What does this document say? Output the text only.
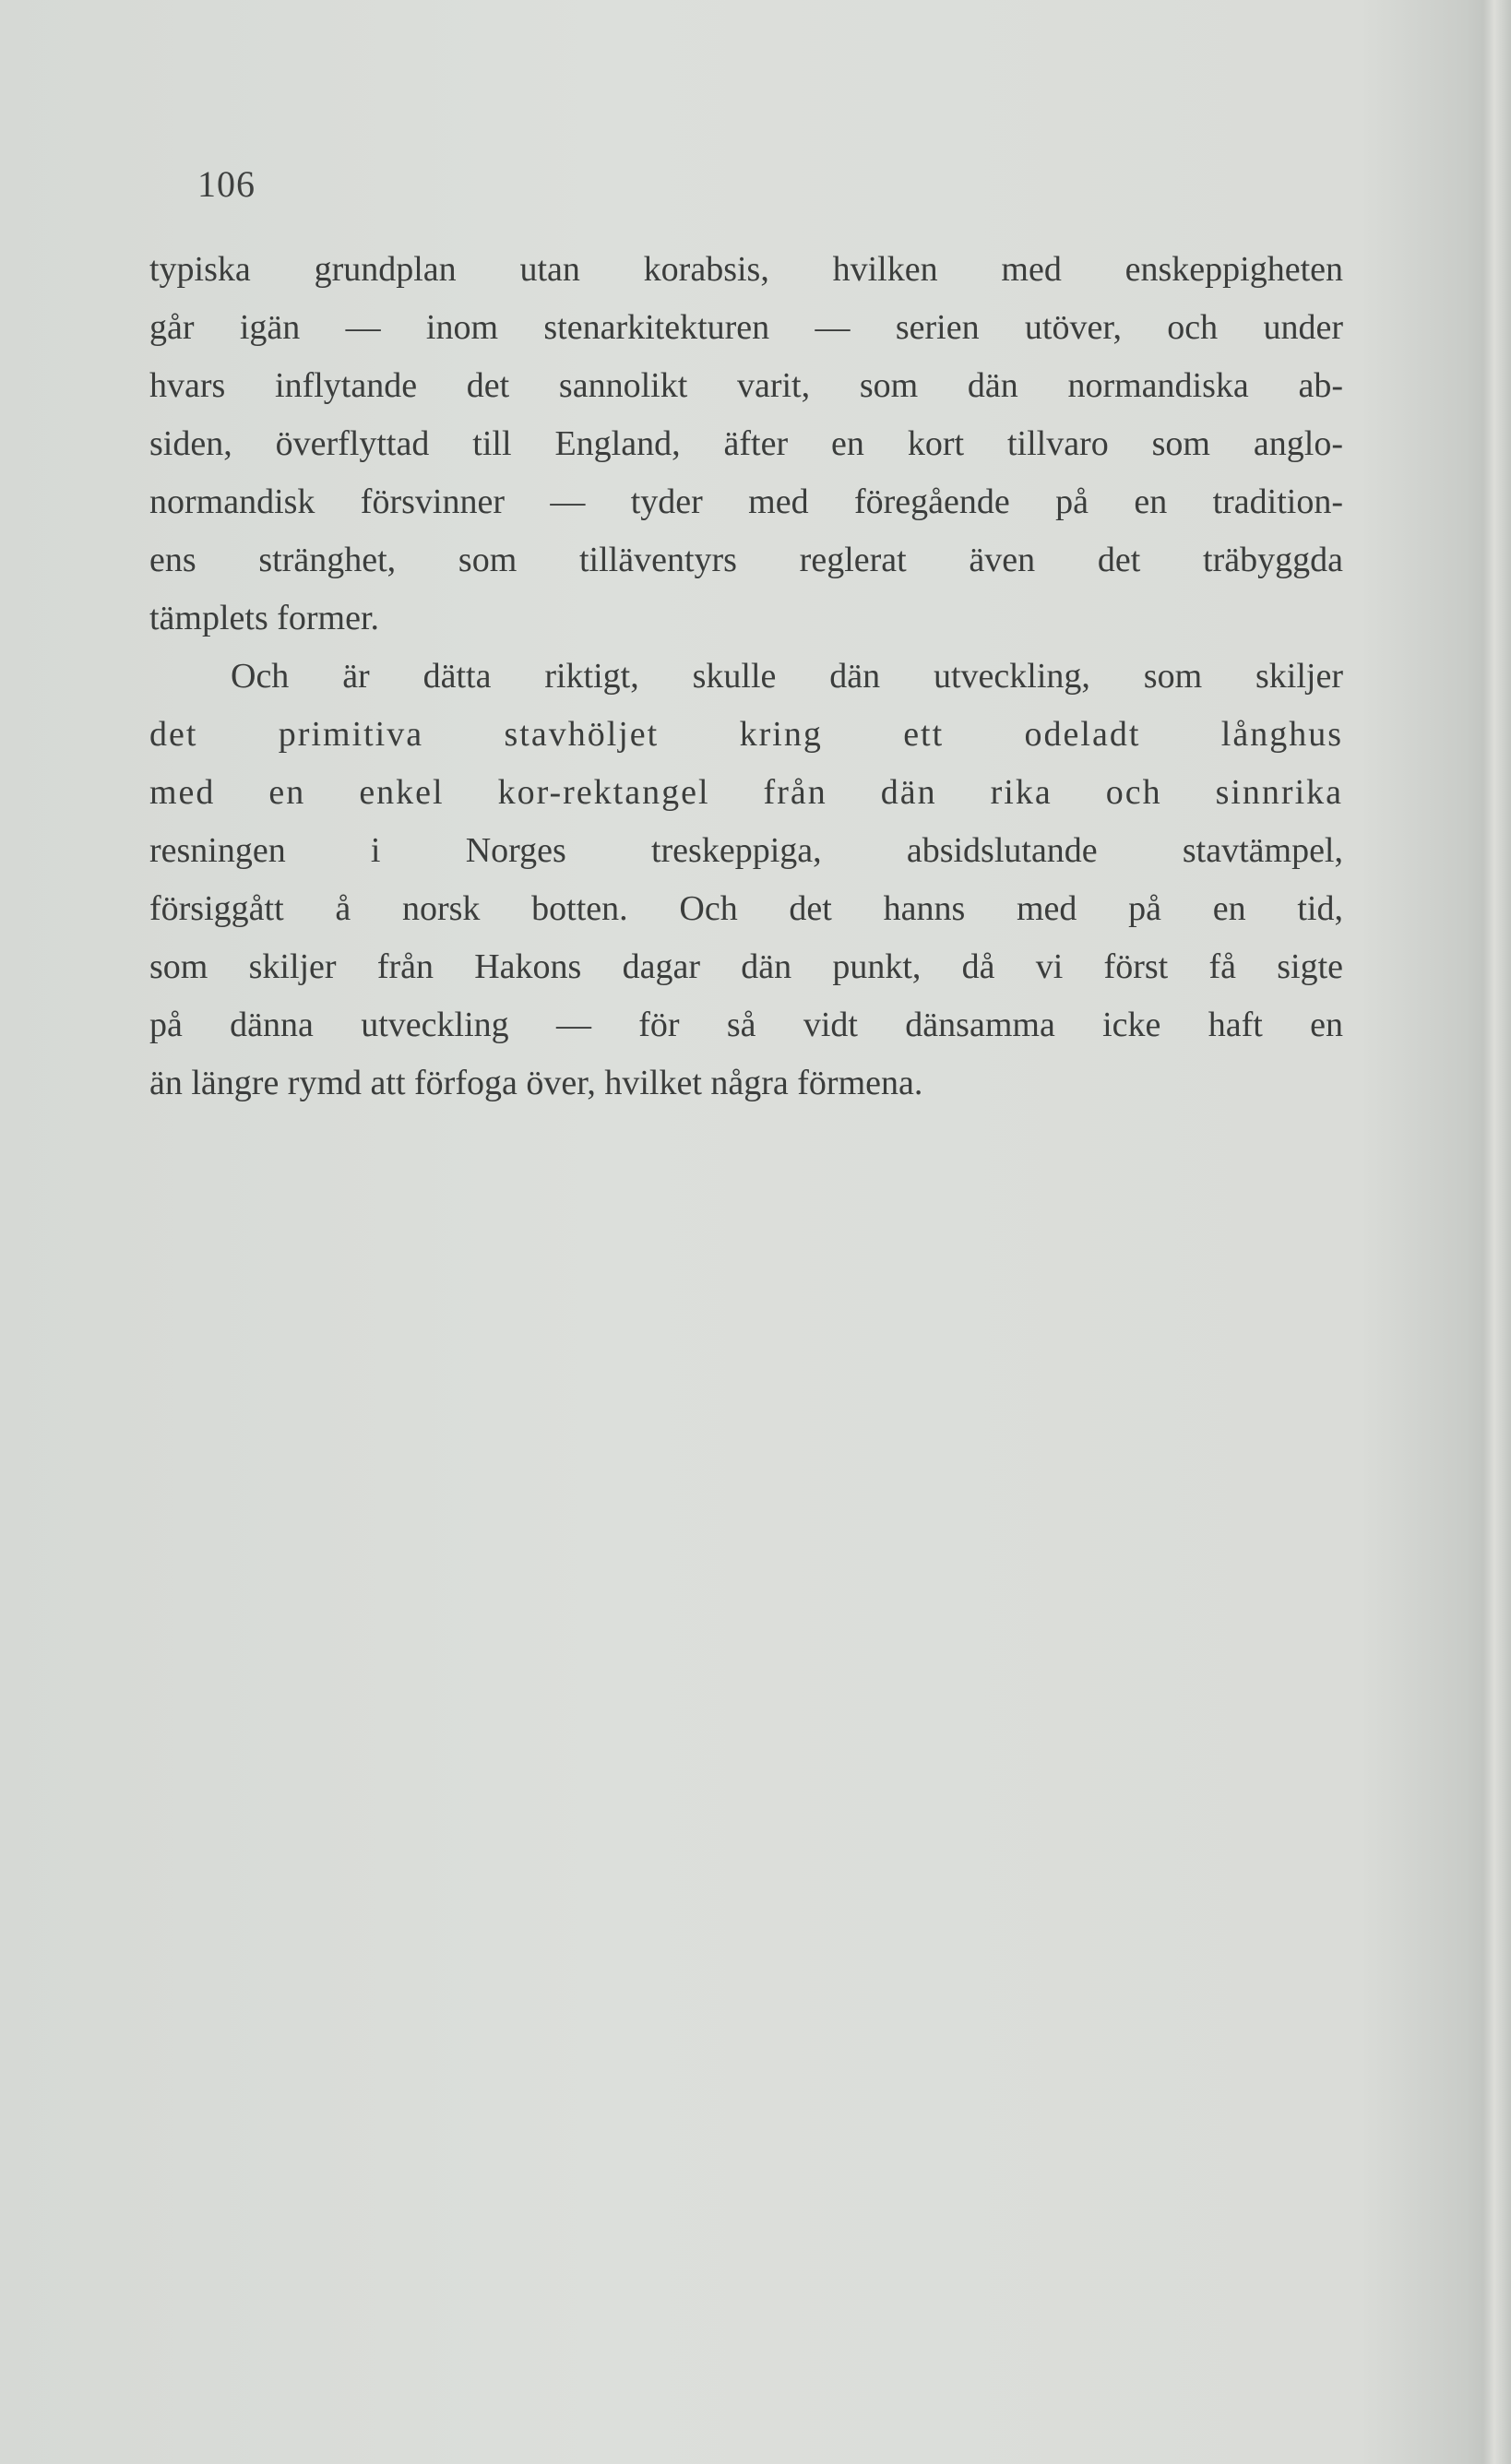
106
typiska grundplan utan korabsis, hvilken med enskeppigheten
går igän — inom stenarkitekturen — serien utöver, och under
hvars inflytande det sannolikt varit, som dän normandiska ab-
siden, överflyttad till England, äfter en kort tillvaro som anglo-
normandisk försvinner — tyder med föregående på en tradition-
ens stränghet, som tilläventyrs reglerat även det träbyggda
tämplets former.
Och är dätta riktigt, skulle dän utveckling, som skiljer
det primitiva stavhöljet kring ett odeladt långhus
med en enkel kor-rektangel från dän rika och sinnrika
resningen i Norges treskeppiga, absidslutande stavtämpel,
försiggått å norsk botten. Och det hanns med på en tid,
som skiljer från Hakons dagar dän punkt, då vi först få sigte
på dänna utveckling — för så vidt dänsamma icke haft en
än längre rymd att förfoga över, hvilket några förmena.
